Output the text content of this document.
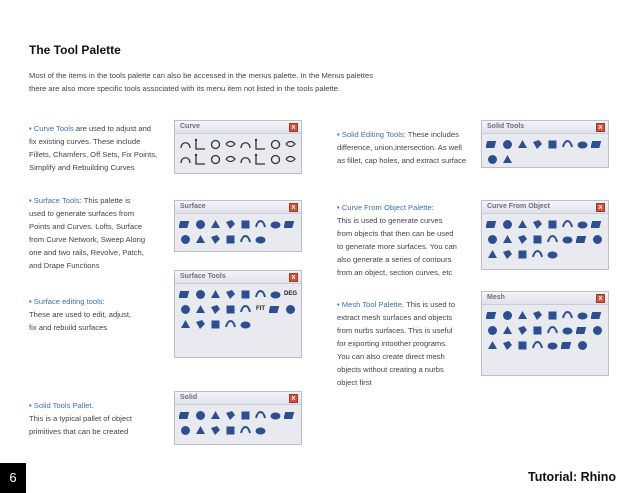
The Tool Palette
Most of the items in the tools palette can also be accessed in the menus palette. In the Menus palettes
there are also more specific tools associated with its menu item not listed in the tools palette.
• Curve Tools are used to adjust and
fix existing curves. These include
Fillets, Chamfers, Off Sets, Fix Points,
Simplify and Rebuilding Curves
• Surface Tools: This palette is
used to generate surfaces from
Points and Curves. Lofts, Surface
from Curve Network, Sweep Along
one and two rails, Revolve, Patch,
and Drape Functions
• Surface editing tools:
These are used to edit, adjust,
fix and rebuild surfaces
• Solid Tools Pallet.
This is a typical pallet of object
primitives that can be created
• Solid Editing Tools: These includes
difference, union,intersection. As well
as fillet, cap holes, and extract surface
• Curve From Object Palette:
This is used to generate curves
from objects that then can be used
to generate more surfaces. You can
also generate a series of contours
from an object, section curves, etc
• Mesh Tool Palette. This is used to
extract mesh surfaces and objects
from nurbs surfaces. This is useful
for exporting intoother programs.
You can also create direct mesh
objects without creating a nurbs
object first
Curve	x
Surface	x
Surface Tools	x
DEG
FIT
Solid	x
Solid Tools	x
Curve From Object	x
Mesh	x
6	Tutorial: Rhino
